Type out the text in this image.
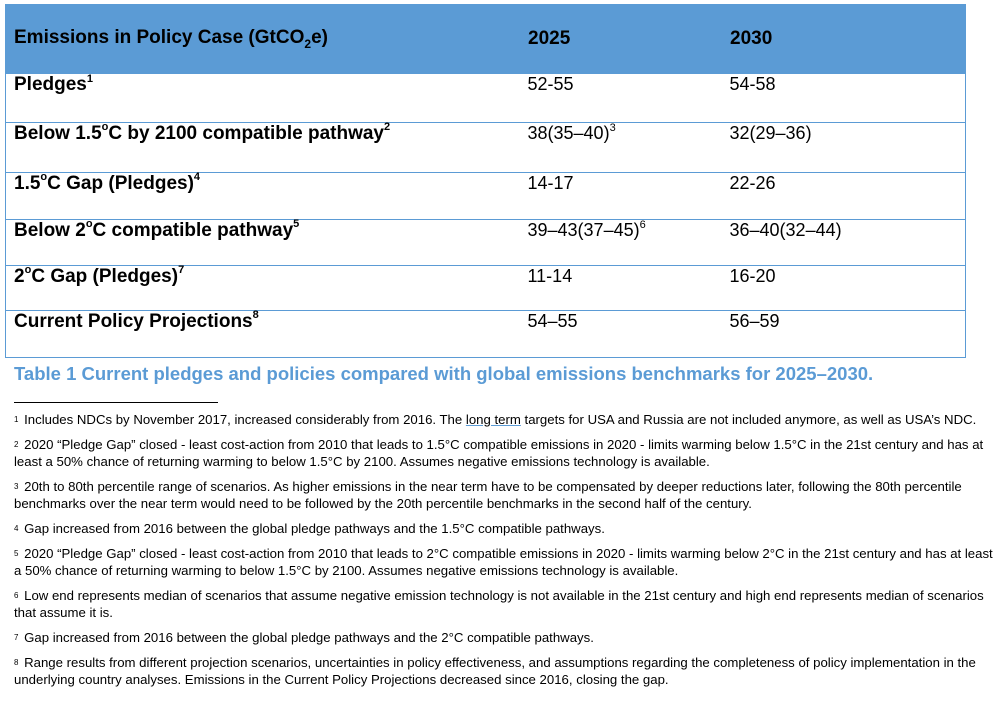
Emissions in Policy Case (GtCO$_2$e)	2025	2030
Pledges$^1$	52-55	54-58
Below 1.5$^o$C by 2100 compatible pathway$^2$	$38(35-40)^3$	32(29–36)
1.5$^o$C Gap (Pledges)$^4$	14-17	22-26
Below 2$^o$C compatible pathway$^5$	$39-43(37-45)^6$	36–40(32–44)
2$^o$C Gap (Pledges)$^7$	11-14	16-20
Current Policy Projections$^8$	54–55	56–59
Table 1 Current pledges and policies compared with global emissions benchmarks for 2025–2030.

$^1$ Includes NDCs by November 2017, increased considerably from 2016. The long term targets for USA and Russia are not included anymore, as well as USA’s NDC.

$^2$ 2020 “Pledge Gap” closed - least cost-action from 2010 that leads to 1.5°C compatible emissions in 2020 - limits warming below 1.5°C in the 21st century and has at least a 50% chance of returning warming to below 1.5°C by 2100. Assumes negative emissions technology is available.

$^3$ 20th to 80th percentile range of scenarios. As higher emissions in the near term have to be compensated by deeper reductions later, following the 80th percentile benchmarks over the near term would need to be followed by the 20th percentile benchmarks in the second half of the century.

$^4$ Gap increased from 2016 between the global pledge pathways and the 1.5°C compatible pathways.

$^5$ 2020 “Pledge Gap” closed - least cost-action from 2010 that leads to 2°C compatible emissions in 2020 - limits warming below 2°C in the 21st century and has at least a 50% chance of returning warming to below 1.5°C by 2100. Assumes negative emissions technology is available.

$^6$ Low end represents median of scenarios that assume negative emission technology is not available in the 21st century and high end represents median of scenarios that assume it is.

$^7$ Gap increased from 2016 between the global pledge pathways and the 2°C compatible pathways.

$^8$ Range results from different projection scenarios, uncertainties in policy effectiveness, and assumptions regarding the completeness of policy implementation in the underlying country analyses. Emissions in the Current Policy Projections decreased since 2016, closing the gap.
